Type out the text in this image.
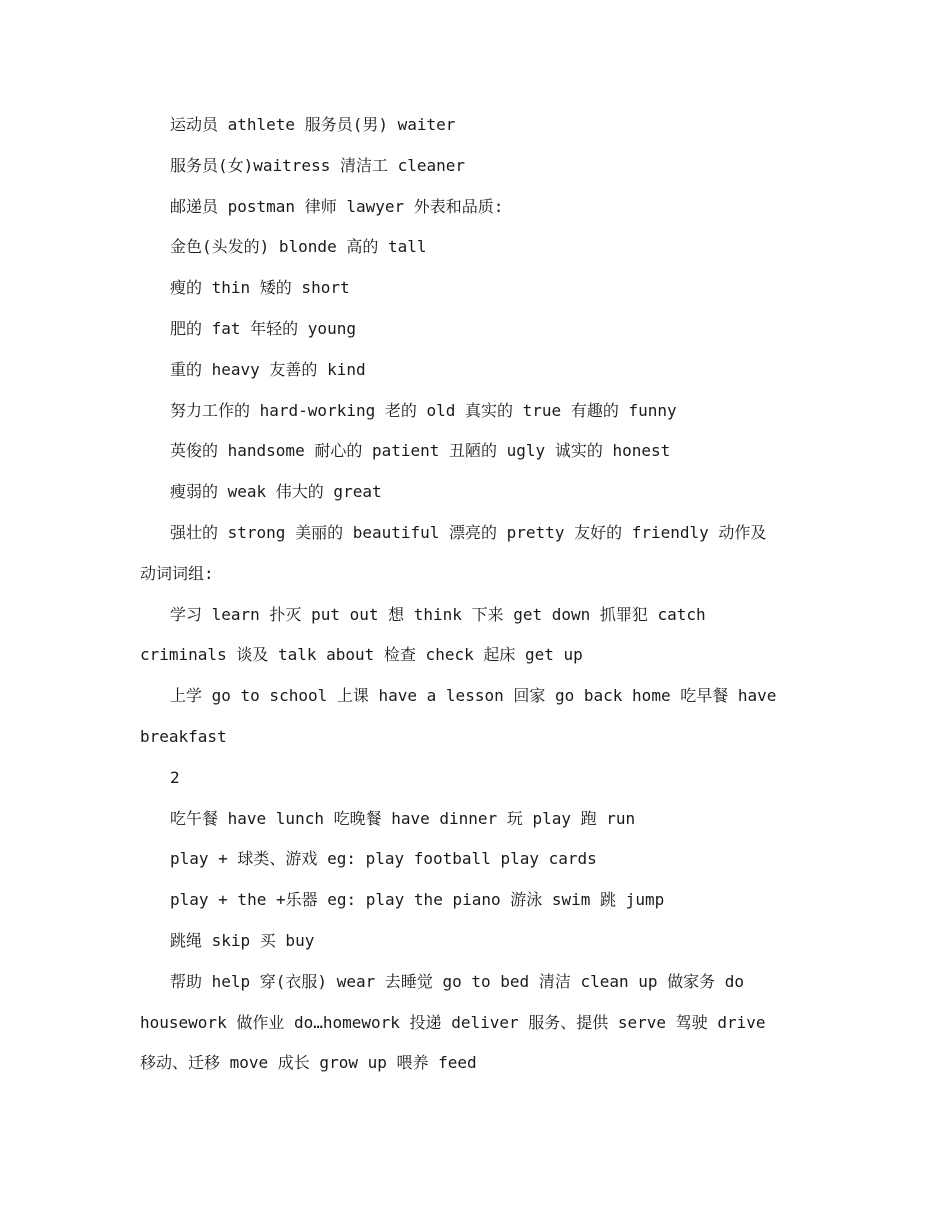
运动员 athlete 服务员(男) waiter
服务员(女)waitress 清洁工 cleaner
邮递员 postman 律师 lawyer 外表和品质:
金色(头发的) blonde 高的 tall
瘦的 thin 矮的 short
肥的 fat 年轻的 young
重的 heavy 友善的 kind
努力工作的 hard-working 老的 old 真实的 true 有趣的 funny
英俊的 handsome 耐心的 patient 丑陋的 ugly 诚实的 honest
瘦弱的 weak 伟大的 great
强壮的 strong 美丽的 beautiful 漂亮的 pretty 友好的 friendly 动作及
动词词组:
学习 learn 扑灭 put out 想 think 下来 get down 抓罪犯 catch
criminals 谈及 talk about 检查 check 起床 get up
上学 go to school 上课 have a lesson 回家 go back home 吃早餐 have
breakfast
2
吃午餐 have lunch 吃晚餐 have dinner 玩 play 跑 run
play + 球类、游戏 eg: play football play cards
play + the +乐器 eg: play the piano 游泳 swim 跳 jump
跳绳 skip 买 buy
帮助 help 穿(衣服) wear 去睡觉 go to bed 清洁 clean up 做家务 do
housework 做作业 do…homework 投递 deliver 服务、提供 serve 驾驶 drive
移动、迁移 move 成长 grow up 喂养 feed
